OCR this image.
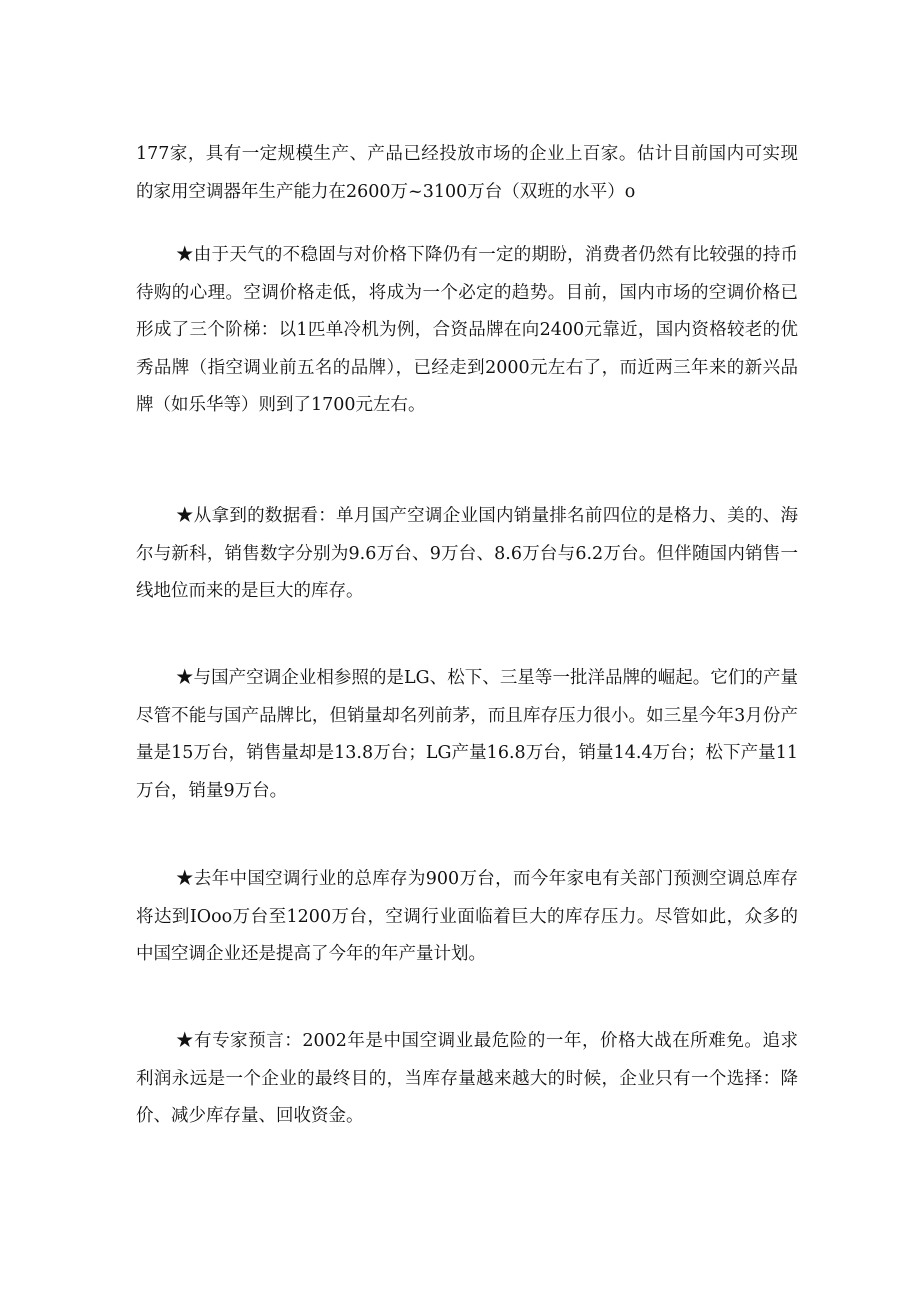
177家，具有一定规模生产、产品已经投放市场的企业上百家。估计目前国内可实现的家用空调器年生产能力在2600万~3100万台（双班的水平）o

★由于天气的不稳固与对价格下降仍有一定的期盼，消费者仍然有比较强的持币待购的心理。空调价格走低，将成为一个必定的趋势。目前，国内市场的空调价格已形成了三个阶梯：以1匹单冷机为例，合资品牌在向2400元靠近，国内资格较老的优秀品牌（指空调业前五名的品牌），已经走到2000元左右了，而近两三年来的新兴品牌（如乐华等）则到了1700元左右。

★从拿到的数据看：单月国产空调企业国内销量排名前四位的是格力、美的、海尔与新科，销售数字分别为9.6万台、9万台、8.6万台与6.2万台。但伴随国内销售一线地位而来的是巨大的库存。

★与国产空调企业相参照的是LG、松下、三星等一批洋品牌的崛起。它们的产量尽管不能与国产品牌比，但销量却名列前茅，而且库存压力很小。如三星今年3月份产量是15万台，销售量却是13.8万台；LG产量16.8万台，销量14.4万台；松下产量11万台，销量9万台。

★去年中国空调行业的总库存为900万台，而今年家电有关部门预测空调总库存将达到IOoo万台至1200万台，空调行业面临着巨大的库存压力。尽管如此，众多的中国空调企业还是提高了今年的年产量计划。

★有专家预言：2002年是中国空调业最危险的一年，价格大战在所难免。追求利润永远是一个企业的最终目的，当库存量越来越大的时候，企业只有一个选择：降价、减少库存量、回收资金。
